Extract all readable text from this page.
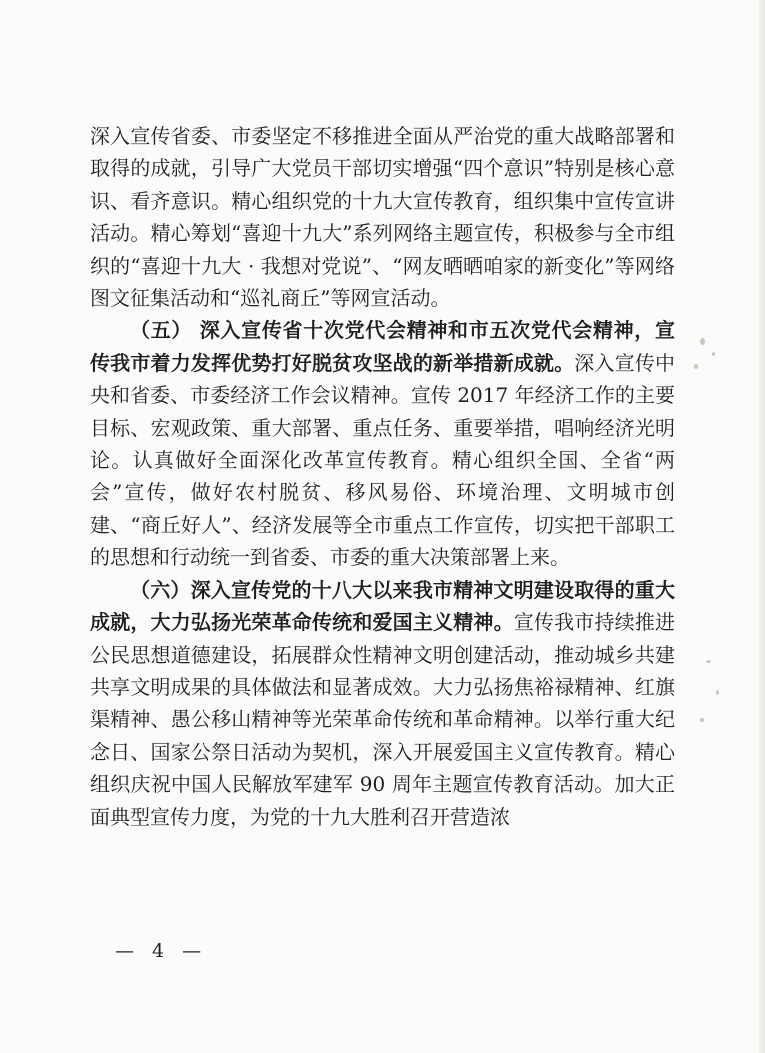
深入宣传省委、市委坚定不移推进全面从严治党的重大战略部署和取得的成就，引导广大党员干部切实增强“四个意识”特别是核心意识、看齐意识。精心组织党的十九大宣传教育，组织集中宣传宣讲活动。精心筹划“喜迎十九大”系列网络主题宣传，积极参与全市组织的“喜迎十九大 · 我想对党说”、“网友晒晒咱家的新变化”等网络图文征集活动和“巡礼商丘”等网宣活动。

（五） 深入宣传省十次党代会精神和市五次党代会精神，宣传我市着力发挥优势打好脱贫攻坚战的新举措新成就。深入宣传中央和省委、市委经济工作会议精神。宣传 2017 年经济工作的主要目标、宏观政策、重大部署、重点任务、重要举措，唱响经济光明论。认真做好全面深化改革宣传教育。精心组织全国、全省“两会”宣传，做好农村脱贫、移风易俗、环境治理、文明城市创建、“商丘好人”、经济发展等全市重点工作宣传，切实把干部职工的思想和行动统一到省委、市委的重大决策部署上来。

（六）深入宣传党的十八大以来我市精神文明建设取得的重大成就，大力弘扬光荣革命传统和爱国主义精神。宣传我市持续推进公民思想道德建设，拓展群众性精神文明创建活动，推动城乡共建共享文明成果的具体做法和显著成效。大力弘扬焦裕禄精神、红旗渠精神、愚公移山精神等光荣革命传统和革命精神。以举行重大纪念日、国家公祭日活动为契机，深入开展爱国主义宣传教育。精心组织庆祝中国人民解放军建军 90 周年主题宣传教育活动。加大正面典型宣传力度，为党的十九大胜利召开营造浓

— 4 —
